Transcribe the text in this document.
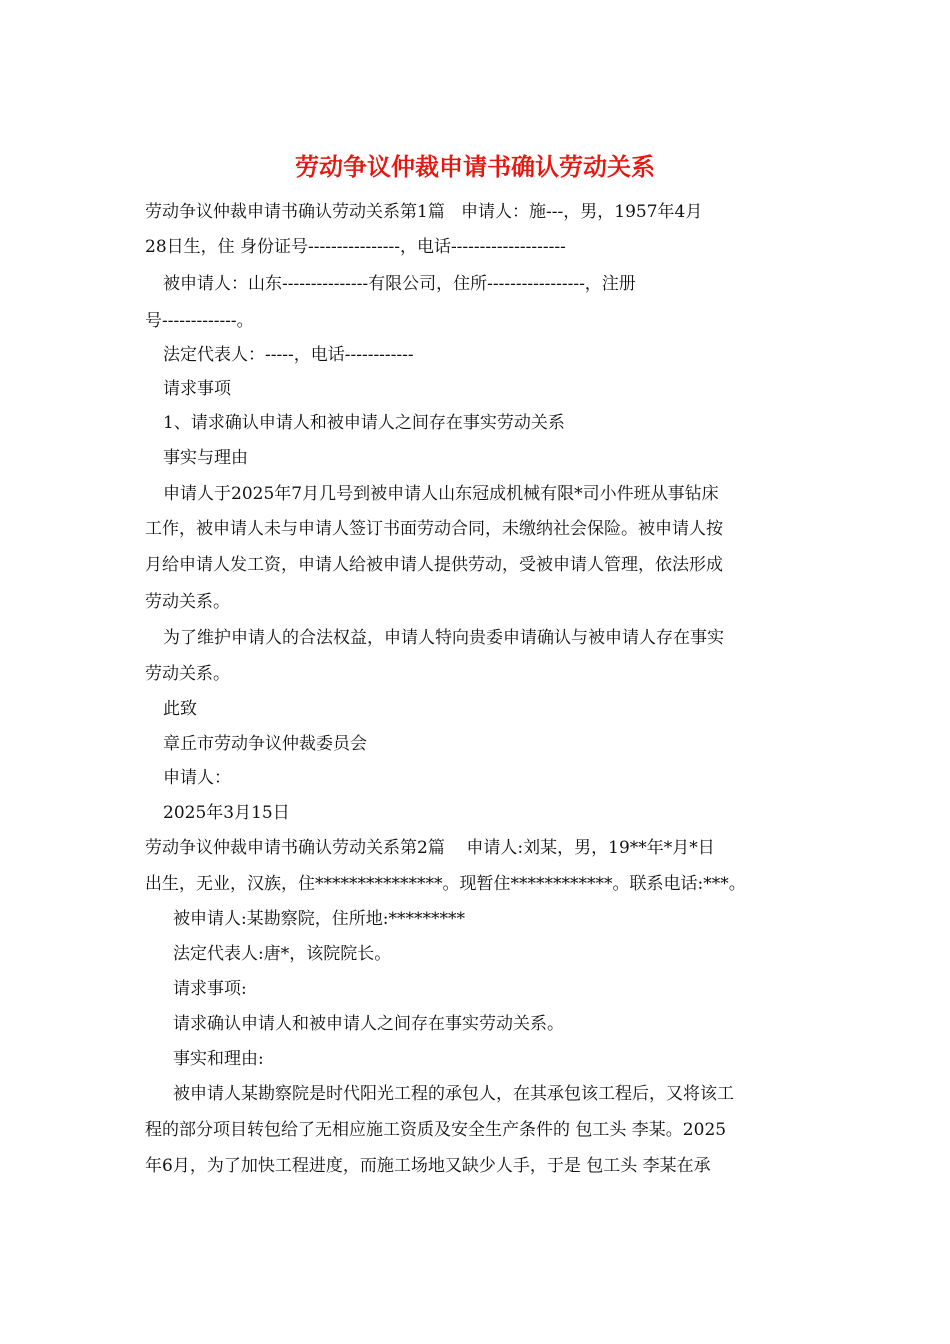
劳动争议仲裁申请书确认劳动关系
劳动争议仲裁申请书确认劳动关系第1篇   申请人：施---，男，1957年4月
28日生，住 身份证号----------------，电话--------------------
被申请人：山东---------------有限公司，住所-----------------，注册
号-------------。
法定代表人：-----，电话------------
请求事项
1、请求确认申请人和被申请人之间存在事实劳动关系
事实与理由
申请人于2025年7月几号到被申请人山东冠成机械有限*司小件班从事钻床
工作，被申请人未与申请人签订书面劳动合同，未缴纳社会保险。被申请人按
月给申请人发工资，申请人给被申请人提供劳动，受被申请人管理，依法形成
劳动关系。
为了维护申请人的合法权益，申请人特向贵委申请确认与被申请人存在事实
劳动关系。
此致
章丘市劳动争议仲裁委员会
申请人：
2025年3月15日
劳动争议仲裁申请书确认劳动关系第2篇    申请人:刘某，男，19**年*月*日
出生，无业，汉族，住***************。现暂住************。联系电话:***。
被申请人:某勘察院，住所地:*********
法定代表人:唐*，该院院长。
请求事项:
请求确认申请人和被申请人之间存在事实劳动关系。
事实和理由:
被申请人某勘察院是时代阳光工程的承包人，在其承包该工程后，又将该工
程的部分项目转包给了无相应施工资质及安全生产条件的 包工头 李某。2025
年6月，为了加快工程进度，而施工场地又缺少人手，于是 包工头 李某在承
